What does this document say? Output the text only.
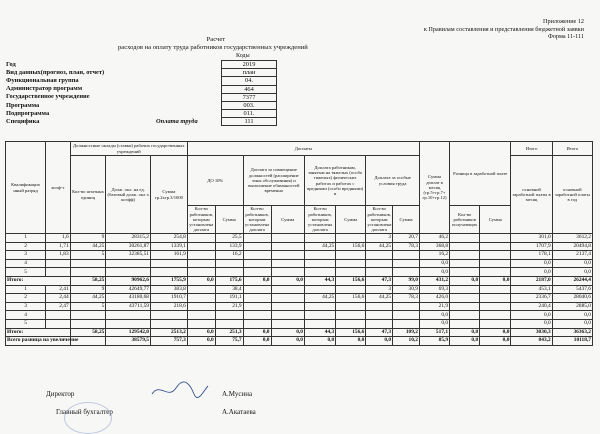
Приложение 12
к Правилам составления и представления бюджетной заявки
Форма 11-111
Расчет
расходов на оплату труда работников государственных учреждений
Коды
Год	2019
Вид данных(прогноз, план, отчет)	план
Функциональная группа	04.
Администратор программ	464
Государственное учреждение	7377
Программа	003.
Подпрограмма	011.
Спецификa	111
Оплата труда
Квалификацио нный разряд	коэф-т	Должностные оклады (ставки) рабочих государственных учреждений			Доплаты								Сумма доплат в месяц (гр.5+гр.7+ гр.10+гр.12)	Разница в заработной плате		Итого	Итого
		Кол-во штатных единиц	Долж. окл. на ед. (базовый долж. окл х коэфф)	Сумма гр.2хгр.3/1000	ДО 10%		Доплата за совмещение должностей (расширение зоны обслуживания) и выполнение обязанностей временно		Доплата работникам, занятым на тяжелых (особо тяжелых) физических работах и работах с вредными (особо вредными) и		Доплата за особые условия труда					основной заработной платы в месяц	основной заработной платы в год
					Кол-во работников, которым установлена доплата	Сумма	Кол-во работников, которым установлена доплата	Сумма	Кол-во работников, которым установлена доплата	Сумма	Кол-во работников, которым установлена доплата	Сумма		Кол-во работников получающих	Сумма		
1	1,6	9	28315,2	254,8		25,5					3	20,7	46,2			301,0	3612,2
2	1,71	44,25	30261,87	1339,1		133,9			44,25	156,6	44,25	78,3	368,8			1707,9	20494,8
3	1,83	5	32385,51	161,9		16,2							16,2			178,1	2137,4
4													0,0			0,0	0,0
5													0,0			0,0	0,0
Итого:		58,25	90962,6	1755,9	0,0	175,6	0,0	0,0	44,3	156,6	47,3	99,0	431,2	0,0	0,0	2187,0	26244,4
1	2,41	9	42649,77	383,8		38,4					3	30,9	69,3			453,1	5437,6
2	2,44	44,25	43180,68	1910,7		191,1			44,25	156,6	44,25	78,3	426,0			2336,7	28040,6
3	2,47	5	43711,59	218,6		21,9							21,9			240,4	2885,0
4													0,0			0,0	0,0
5													0,0			0,0	0,0
Итого:		58,25	129542,0	2513,2	0,0	251,3	0,0	0,0	44,3	156,6	47,3	109,2	517,1	0,0	0,0	3030,3	36363,2
Всего разница на увеличение			38579,5	757,3	0,0	75,7	0,0	0,0	0,0	0,0	0,0	10,2	85,9	0,0	0,0	843,2	10118,7
Директор	А.Мусина
Главный бухгалтер	А.Акатаева
